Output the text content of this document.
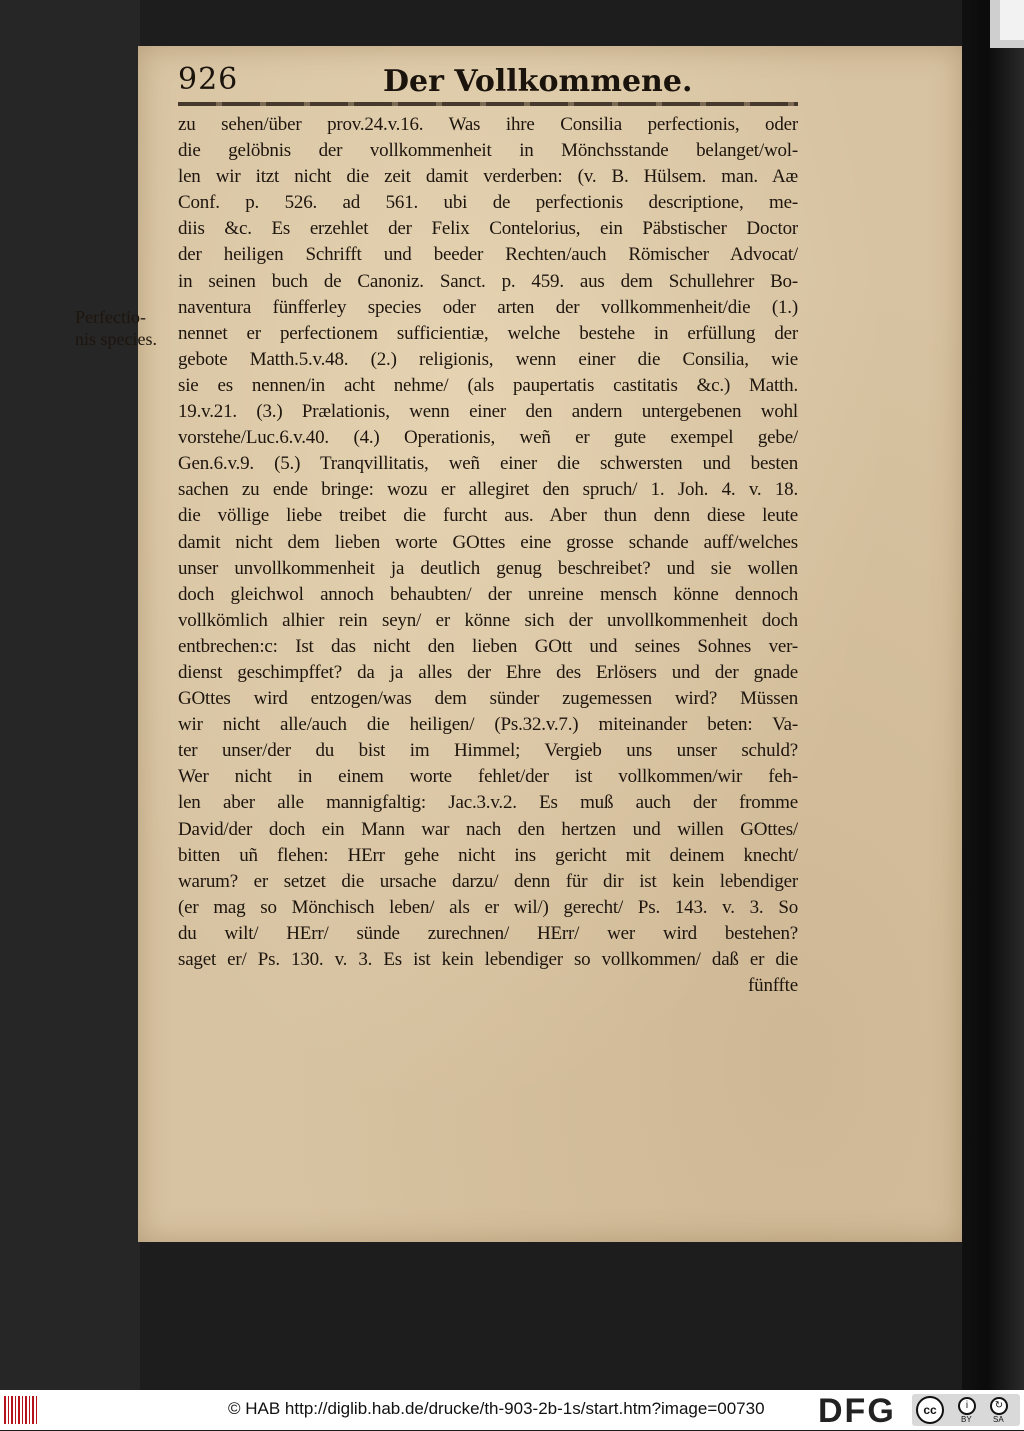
926	Der Vollkommene.
Perfectio-
nis species.
zu sehen/über prov.24.v.16. Was ihre Consilia perfectionis, oder
die gelöbnis der vollkommenheit in Mönchsstande belanget/wol-
len wir itzt nicht die zeit damit verderben: (v. B. Hülsem. man. Aæ
Conf. p. 526. ad 561. ubi de perfectionis descriptione, me-
diis &c. Es erzehlet der Felix Contelorius, ein Päbstischer Doctor
der heiligen Schrifft und beeder Rechten/auch Römischer Advocat/
in seinen buch de Canoniz. Sanct. p. 459. aus dem Schullehrer Bo-
naventura fünfferley species oder arten der vollkommenheit/die (1.)
nennet er perfectionem sufficientiæ, welche bestehe in erfüllung der
gebote Matth.5.v.48. (2.) religionis, wenn einer die Consilia, wie
sie es nennen/in acht nehme/ (als paupertatis castitatis &c.) Matth.
19.v.21. (3.) Prælationis, wenn einer den andern untergebenen wohl
vorstehe/Luc.6.v.40. (4.) Operationis, weñ er gute exempel gebe/
Gen.6.v.9. (5.) Tranqvillitatis, weñ einer die schwersten und besten
sachen zu ende bringe: wozu er allegiret den spruch/ 1. Joh. 4. v. 18.
die völlige liebe treibet die furcht aus. Aber thun denn diese leute
damit nicht dem lieben worte GOttes eine grosse schande auff/welches
unser unvollkommenheit ja deutlich genug beschreibet? und sie wollen
doch gleichwol annoch behaubten/ der unreine mensch könne dennoch
vollkömlich alhier rein seyn/ er könne sich der unvollkommenheit doch
entbrechen:c: Ist das nicht den lieben GOtt und seines Sohnes ver-
dienst geschimpffet? da ja alles der Ehre des Erlösers und der gnade
GOttes wird entzogen/was dem sünder zugemessen wird? Müssen
wir nicht alle/auch die heiligen/ (Ps.32.v.7.) miteinander beten: Va-
ter unser/der du bist im Himmel; Vergieb uns unser schuld?
Wer nicht in einem worte fehlet/der ist vollkommen/wir feh-
len aber alle mannigfaltig: Jac.3.v.2. Es muß auch der fromme
David/der doch ein Mann war nach den hertzen und willen GOttes/
bitten uñ flehen: HErr gehe nicht ins gericht mit deinem knecht/
warum? er setzet die ursache darzu/ denn für dir ist kein lebendiger
(er mag so Mönchisch leben/ als er wil/) gerecht/ Ps. 143. v. 3. So
du wilt/ HErr/ sünde zurechnen/ HErr/ wer wird bestehen?
saget er/ Ps. 130. v. 3. Es ist kein lebendiger so vollkommen/ daß er die
fünffte
© HAB http://diglib.hab.de/drucke/th-903-2b-1s/start.htm?image=00730 DFG	cc	i
BY
↻
SA
